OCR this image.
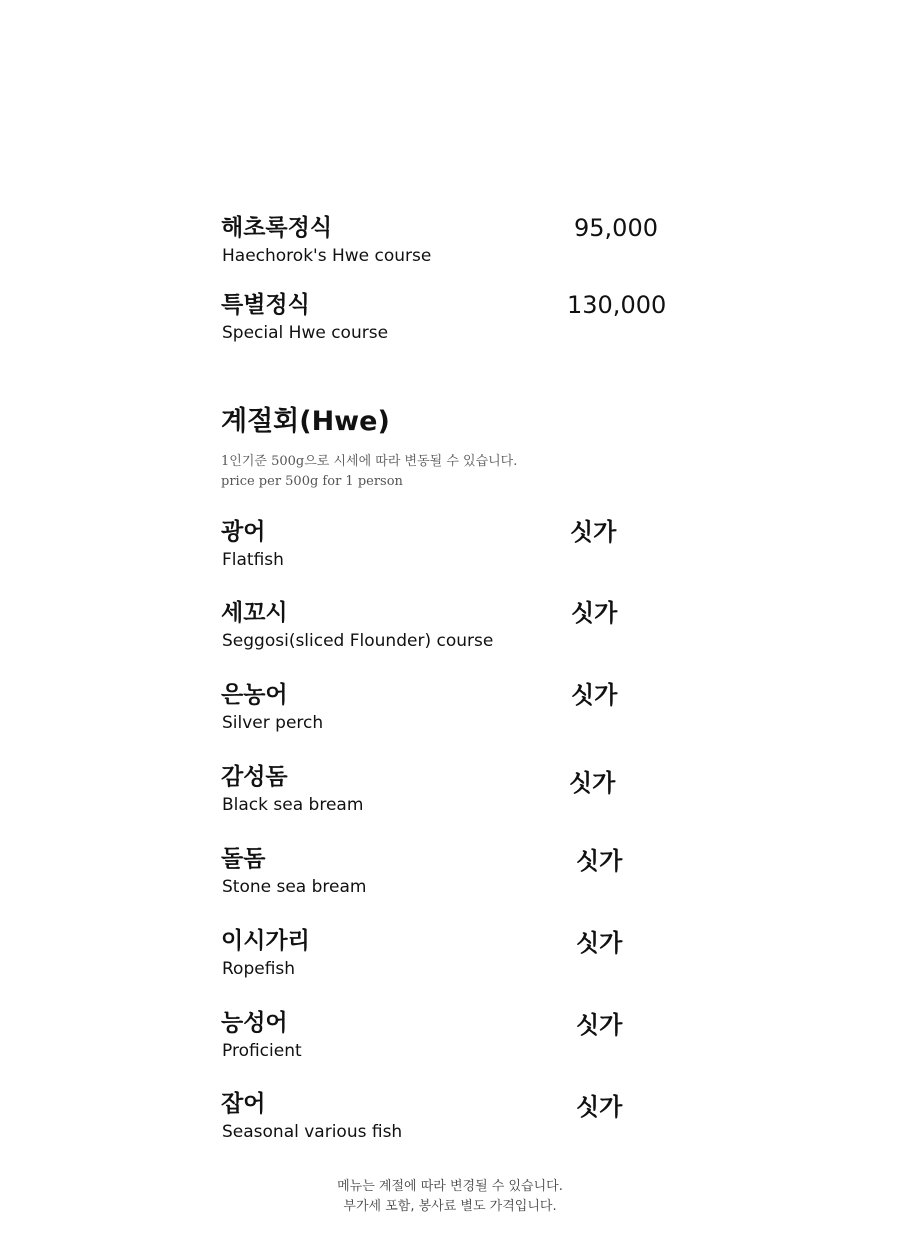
해초록정식
Haechorok's Hwe course
95,000
특별정식
Special Hwe course
130,000
계절회(Hwe)
1인기준 500g으로 시세에 따라 변동될 수 있습니다.
price per 500g for 1 person
광어
Flatfish
싯가
세꼬시
Seggosi(sliced Flounder) course
싯가
은농어
Silver perch
싯가
감성돔
Black sea bream
싯가
돌돔
Stone sea bream
싯가
이시가리
Ropefish
싯가
능성어
Proficient
싯가
잡어
Seasonal various fish
싯가
메뉴는 계절에 따라 변경될 수 있습니다.
부가세 포함, 봉사료 별도 가격입니다.
